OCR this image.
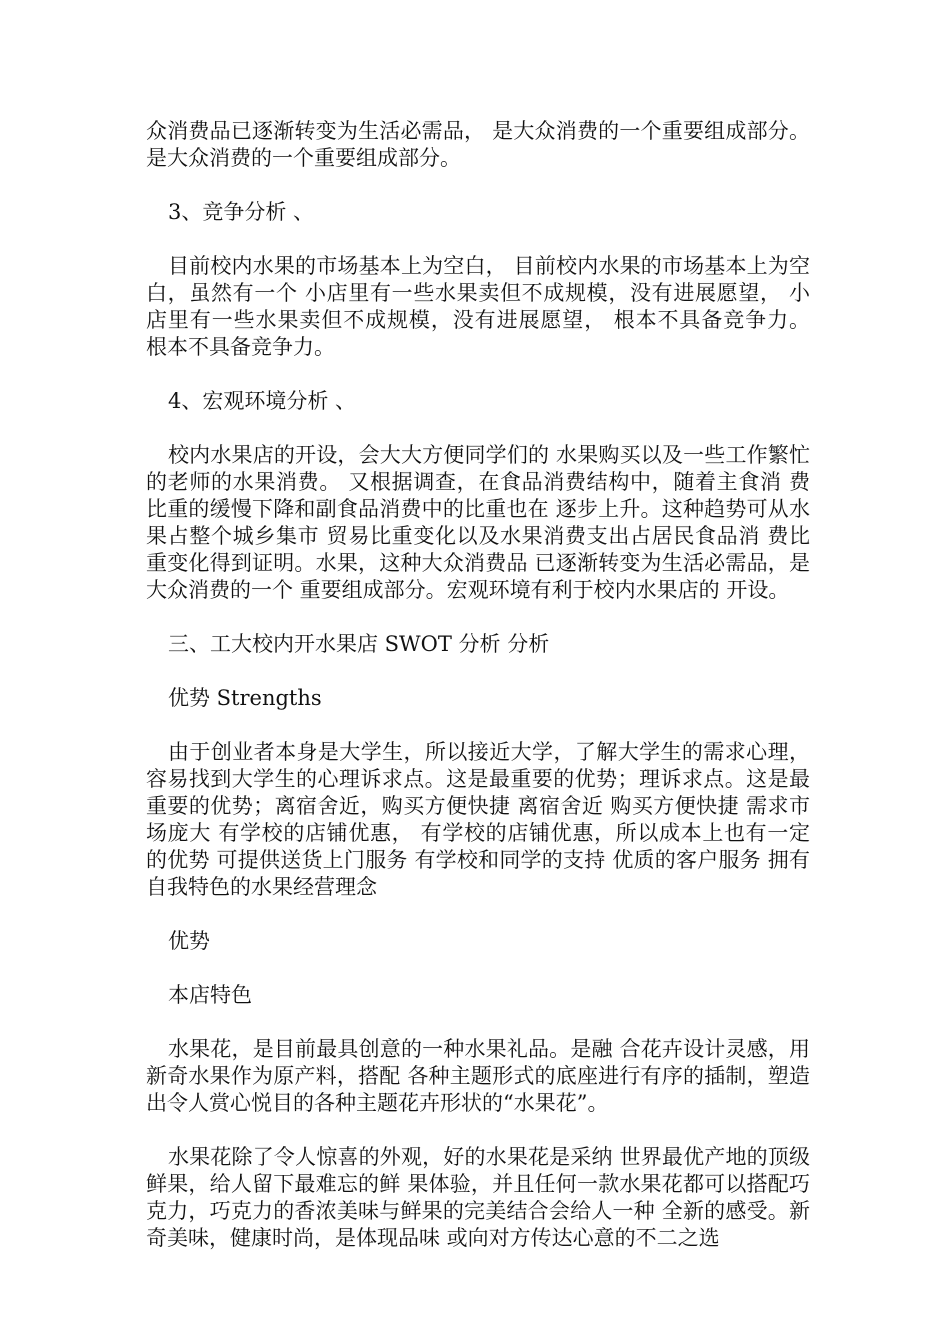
众消费品已逐渐转变为生活必需品， 是大众消费的一个重要组成部分。 是大众消费的一个重要组成部分。

3、竞争分析 、

目前校内水果的市场基本上为空白， 目前校内水果的市场基本上为空白，虽然有一个 小店里有一些水果卖但不成规模，没有进展愿望， 小店里有一些水果卖但不成规模，没有进展愿望， 根本不具备竞争力。 根本不具备竞争力。

4、宏观环境分析 、

校内水果店的开设，会大大方便同学们的 水果购买以及一些工作繁忙的老师的水果消费。 又根据调查，在食品消费结构中，随着主食消 费比重的缓慢下降和副食品消费中的比重也在 逐步上升。这种趋势可从水果占整个城乡集市 贸易比重变化以及水果消费支出占居民食品消 费比重变化得到证明。水果，这种大众消费品 已逐渐转变为生活必需品，是大众消费的一个 重要组成部分。宏观环境有利于校内水果店的 开设。

三、工大校内开水果店 SWOT 分析 分析

优势 Strengths

由于创业者本身是大学生，所以接近大学，了解大学生的需求心理，容易找到大学生的心理诉求点。这是最重要的优势；理诉求点。这是最重要的优势；离宿舍近，购买方便快捷 离宿舍近 购买方便快捷 需求市场庞大 有学校的店铺优惠， 有学校的店铺优惠，所以成本上也有一定的优势 可提供送货上门服务 有学校和同学的支持 优质的客户服务 拥有自我特色的水果经营理念

优势

本店特色

水果花，是目前最具创意的一种水果礼品。是融 合花卉设计灵感，用新奇水果作为原产料，搭配 各种主题形式的底座进行有序的插制，塑造出令人赏心悦目的各种主题花卉形状的“水果花”。

水果花除了令人惊喜的外观，好的水果花是采纳 世界最优产地的顶级鲜果，给人留下最难忘的鲜 果体验，并且任何一款水果花都可以搭配巧克力，巧克力的香浓美味与鲜果的完美结合会给人一种 全新的感受。新奇美味，健康时尚，是体现品味 或向对方传达心意的不二之选
